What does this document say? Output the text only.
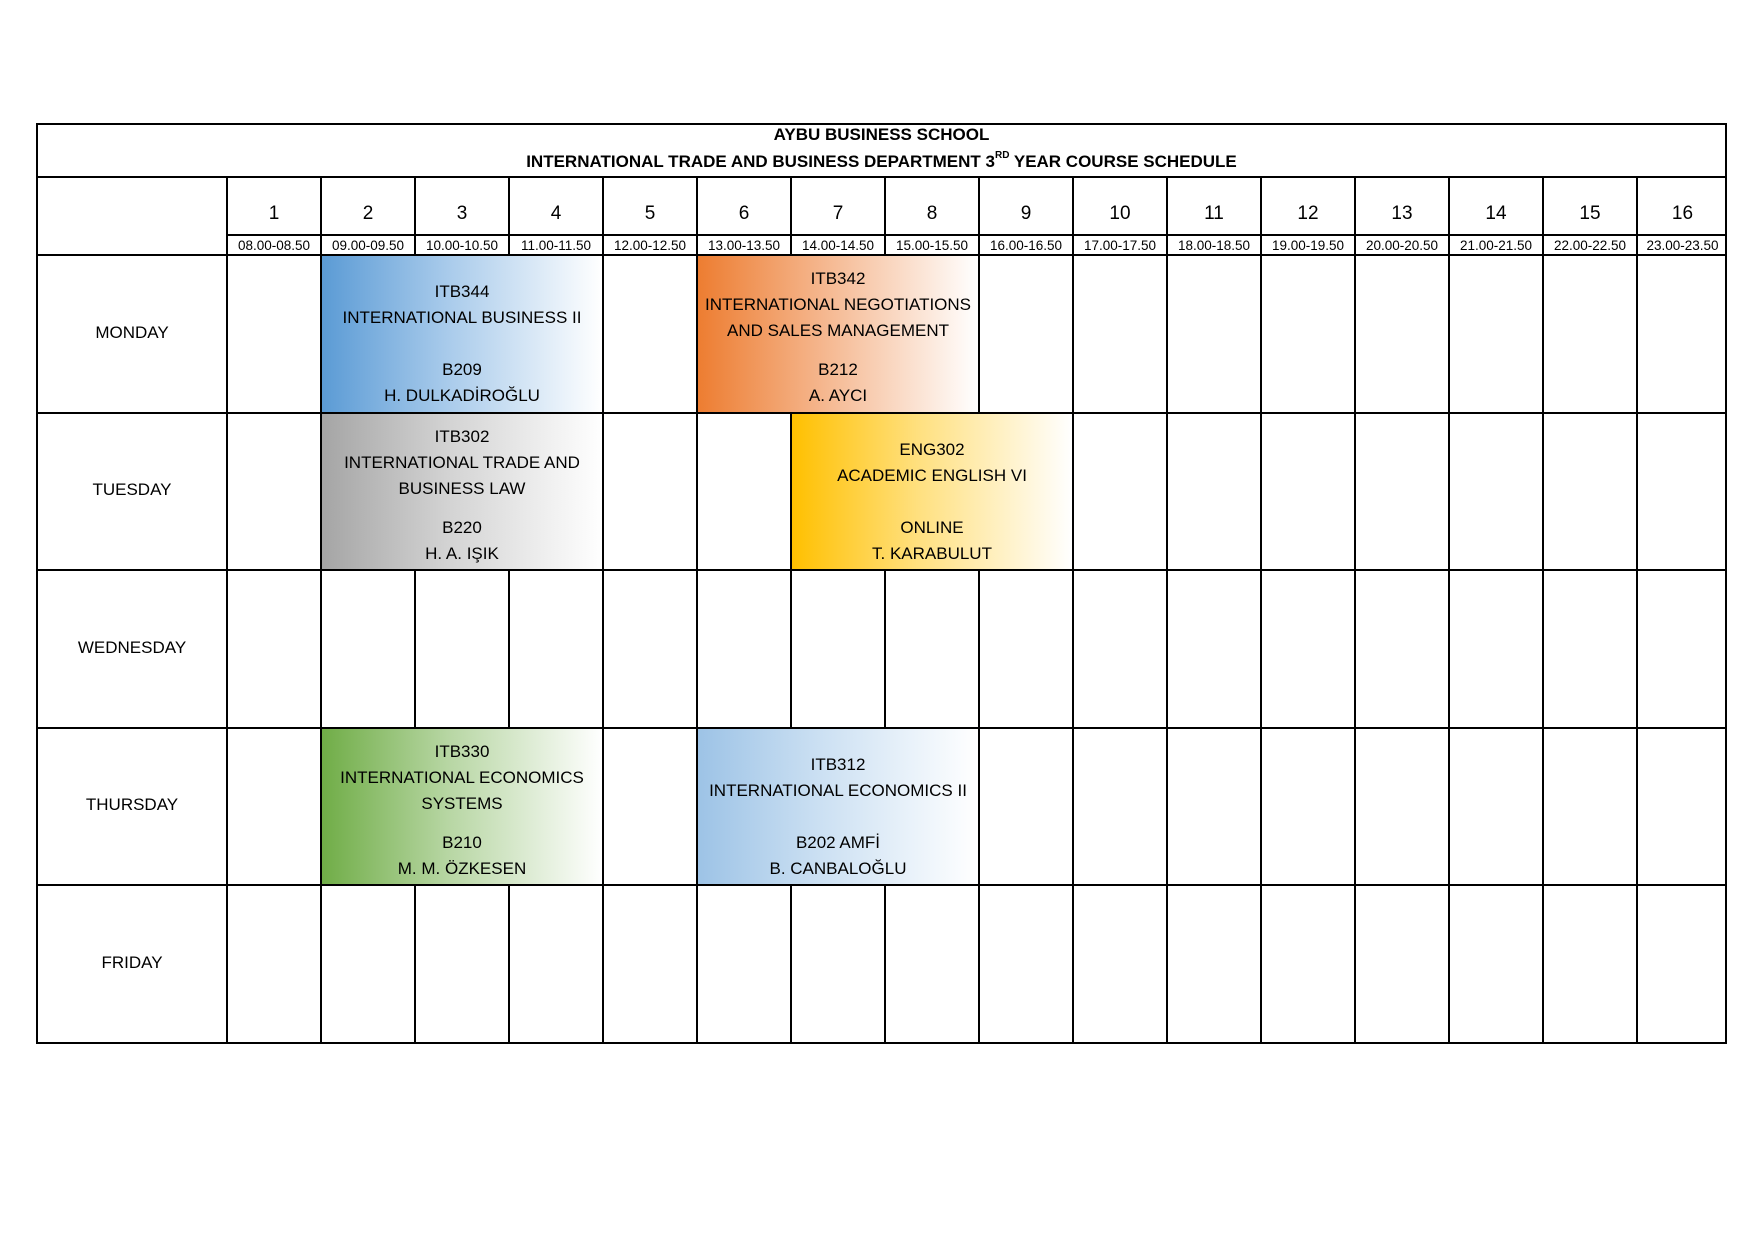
AYBU BUSINESS SCHOOL
INTERNATIONAL TRADE AND BUSINESS DEPARTMENT 3RD YEAR COURSE SCHEDULE
1
08.00-08.50
2
09.00-09.50
3
10.00-10.50
4
11.00-11.50
5
12.00-12.50
6
13.00-13.50
7
14.00-14.50
8
15.00-15.50
9
16.00-16.50
10
17.00-17.50
11
18.00-18.50
12
19.00-19.50
13
20.00-20.50
14
21.00-21.50
15
22.00-22.50
16
23.00-23.50
MONDAY
TUESDAY
WEDNESDAY
THURSDAY
FRIDAY
ITB344
INTERNATIONAL BUSINESS II
B209
H. DULKADİROĞLU
ITB342
INTERNATIONAL NEGOTIATIONS
AND SALES MANAGEMENT
B212
A. AYCI
ITB302
INTERNATIONAL TRADE AND
BUSINESS LAW
B220
H. A. IŞIK
ENG302
ACADEMIC ENGLISH VI
ONLINE
T. KARABULUT
ITB330
INTERNATIONAL ECONOMICS
SYSTEMS
B210
M. M. ÖZKESEN
ITB312
INTERNATIONAL ECONOMICS II
B202 AMFİ
B. CANBALOĞLU
